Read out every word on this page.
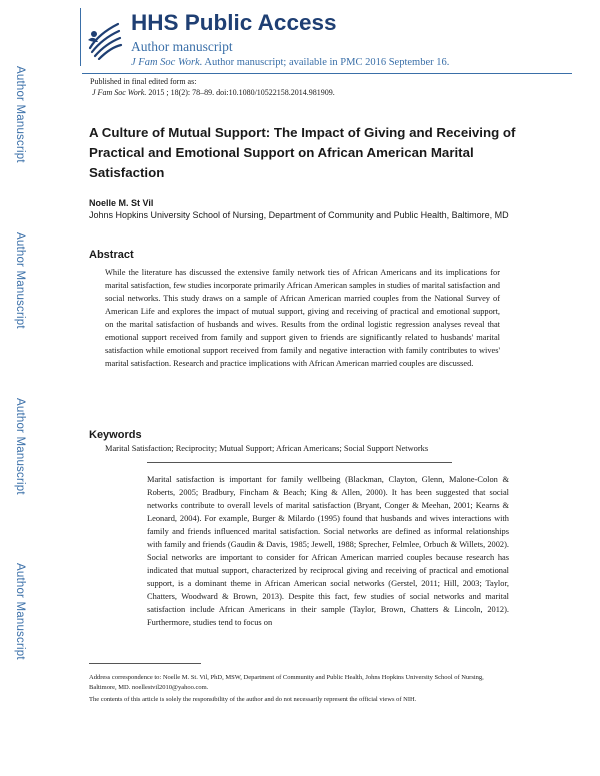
Author Manuscript
Author Manuscript
Author Manuscript
Author Manuscript
HHS Public Access
Author manuscript
J Fam Soc Work. Author manuscript; available in PMC 2016 September 16.
Published in final edited form as:
J Fam Soc Work. 2015 ; 18(2): 78–89. doi:10.1080/10522158.2014.981909.
A Culture of Mutual Support: The Impact of Giving and Receiving of Practical and Emotional Support on African American Marital Satisfaction
Noelle M. St Vil
Johns Hopkins University School of Nursing, Department of Community and Public Health, Baltimore, MD
Abstract
While the literature has discussed the extensive family network ties of African Americans and its implications for marital satisfaction, few studies incorporate primarily African American samples in studies of marital satisfaction and social networks. This study draws on a sample of African American married couples from the National Survey of American Life and explores the impact of mutual support, giving and receiving of practical and emotional support, on the marital satisfaction of husbands and wives. Results from the ordinal logistic regression analyses reveal that emotional support received from family and support given to friends are significantly related to husbands' marital satisfaction while emotional support received from family and negative interaction with family contributes to wives' marital satisfaction. Research and practice implications with African American married couples are discussed.
Keywords
Marital Satisfaction; Reciprocity; Mutual Support; African Americans; Social Support Networks
Marital satisfaction is important for family wellbeing (Blackman, Clayton, Glenn, Malone-Colon & Roberts, 2005; Bradbury, Fincham & Beach; King & Allen, 2000). It has been suggested that social networks contribute to overall levels of marital satisfaction (Bryant, Conger & Meehan, 2001; Kearns & Leonard, 2004). For example, Burger & Milardo (1995) found that husbands and wives interactions with family and friends influenced marital satisfaction. Social networks are defined as informal relationships with family and friends (Gaudin & Davis, 1985; Jewell, 1988; Sprecher, Felmlee, Orbuch & Willets, 2002). Social networks are important to consider for African American married couples because research has indicated that mutual support, characterized by reciprocal giving and receiving of practical and emotional support, is a dominant theme in African American social networks (Gerstel, 2011; Hill, 2003; Taylor, Chatters, Woodward & Brown, 2013). Despite this fact, few studies of social networks and marital satisfaction include African Americans in their sample (Taylor, Brown, Chatters & Lincoln, 2012). Furthermore, studies tend to focus on
Address correspondence to: Noelle M. St. Vil, PhD, MSW, Department of Community and Public Health, Johns Hopkins University School of Nursing, Baltimore, MD. noellestvil2010@yahoo.com.
The contents of this article is solely the responsibility of the author and do not necessarily represent the official views of NIH.
